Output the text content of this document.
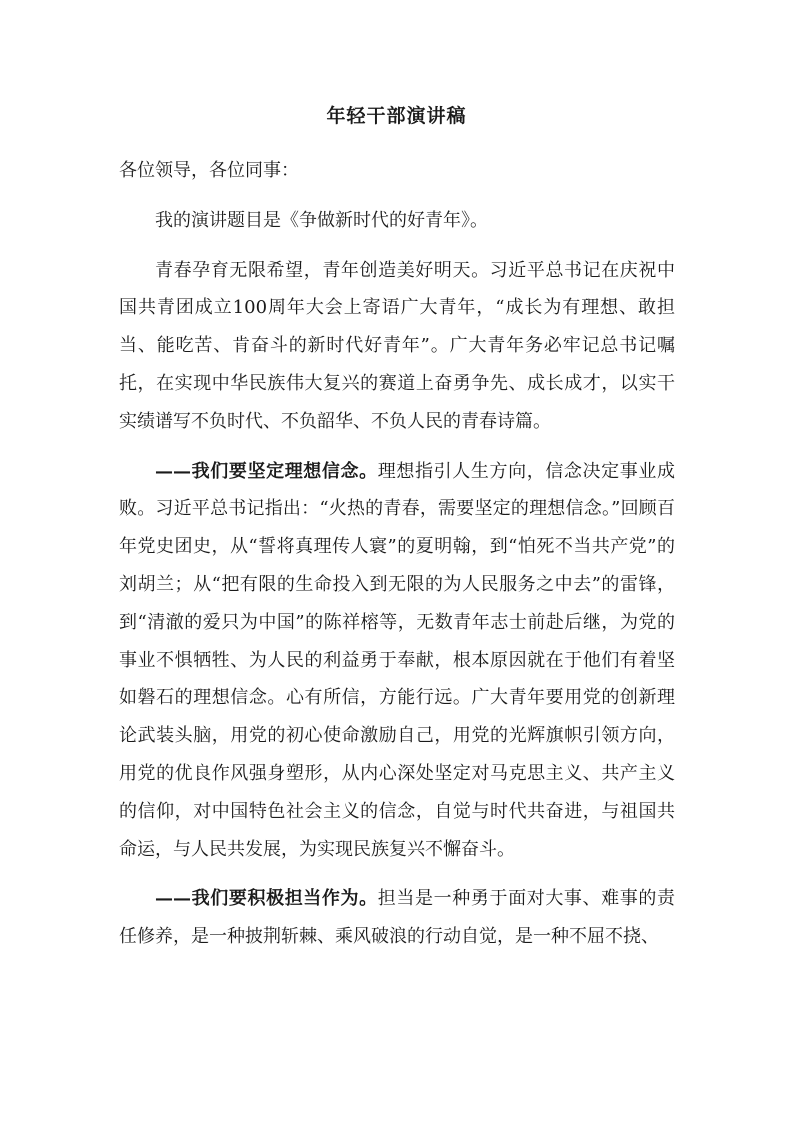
年轻干部演讲稿

各位领导，各位同事：

我的演讲题目是《争做新时代的好青年》。

青春孕育无限希望，青年创造美好明天。习近平总书记在庆祝中国共青团成立100周年大会上寄语广大青年，“成长为有理想、敢担当、能吃苦、肯奋斗的新时代好青年”。广大青年务必牢记总书记嘱托，在实现中华民族伟大复兴的赛道上奋勇争先、成长成才，以实干实绩谱写不负时代、不负韶华、不负人民的青春诗篇。

——我们要坚定理想信念。理想指引人生方向，信念决定事业成败。习近平总书记指出：“火热的青春，需要坚定的理想信念。”回顾百年党史团史，从“誓将真理传人寰”的夏明翰，到“怕死不当共产党”的刘胡兰；从“把有限的生命投入到无限的为人民服务之中去”的雷锋，到“清澈的爱只为中国”的陈祥榕等，无数青年志士前赴后继，为党的事业不惧牺牲、为人民的利益勇于奉献，根本原因就在于他们有着坚如磐石的理想信念。心有所信，方能行远。广大青年要用党的创新理论武装头脑，用党的初心使命激励自己，用党的光辉旗帜引领方向，用党的优良作风强身塑形，从内心深处坚定对马克思主义、共产主义的信仰，对中国特色社会主义的信念，自觉与时代共奋进，与祖国共命运，与人民共发展，为实现民族复兴不懈奋斗。

——我们要积极担当作为。担当是一种勇于面对大事、难事的责任修养，是一种披荆斩棘、乘风破浪的行动自觉，是一种不屈不挠、
